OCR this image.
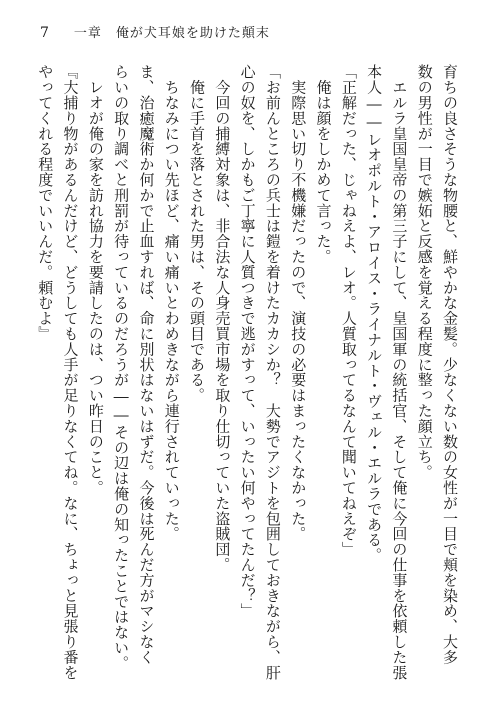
7 一章　俺が犬耳娘を助けた顛末
育ちの良さそうな物腰と、鮮やかな金髪。少なくない数の女性が一目で頬を染め、大多
数の男性が一目で嫉妬と反感を覚える程度に整った顔立ち。
　エルラ皇国皇帝の第三子にして、皇国軍の統括官、そして俺に今回の仕事を依頼した張
本人――レオポルト・アロイス・ライナルト・ヴェル・エルラである。
「正解だった、じゃねえよ、レオ。人質取ってるなんて聞いてねえぞ」
　俺は顔をしかめて言った。
　実際思い切り不機嫌だったので、演技の必要はまったくなかった。
「お前んところの兵士は鎧を着けたカカシか？　大勢でアジトを包囲しておきながら、肝
心の奴を、しかもご丁寧に人質つきで逃がすって、いったい何やってたんだ？」
　今回の捕縛対象は、非合法な人身売買市場を取り仕切っていた盗賊団。
　俺に手首を落とされた男は、その頭目である。
　ちなみについ先ほど、痛い痛いとわめきながら連行されていった。
ま、治癒魔術か何かで止血すれば、命に別状はないはずだ。今後は死んだ方がマシなく
らいの取り調べと刑罰が待っているのだろうが――その辺は俺の知ったことではない。
　レオが俺の家を訪れ協力を要請したのは、つい昨日のこと。
『大捕り物があるんだけど、どうしても人手が足りなくてね。なに、ちょっと見張り番を
やってくれる程度でいいんだ。頼むよ』
